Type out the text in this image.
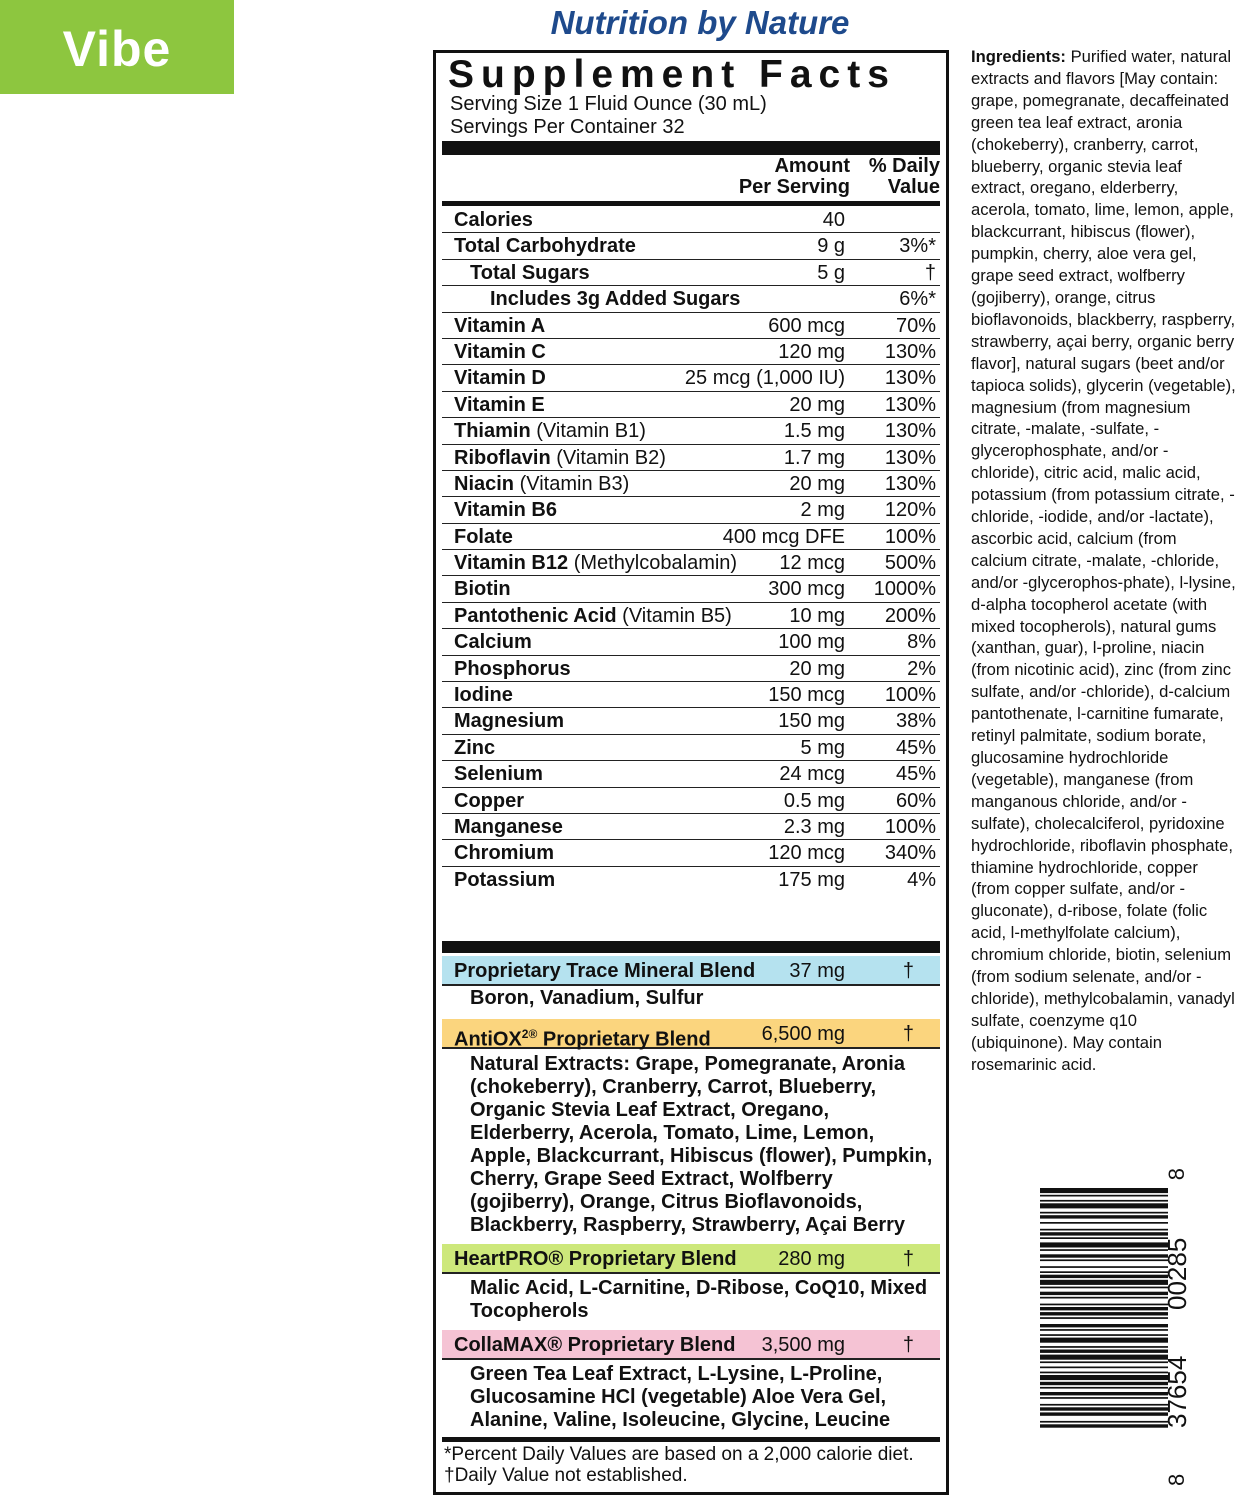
Vibe	Nutrition by Nature
Supplement Facts
Serving Size 1 Fluid Ounce (30 mL)
Servings Per Container 32
Amount
Per Serving
% Daily
Value
Calories	40
Total Carbohydrate	9 g	3%*
Total Sugars	5 g	†
Includes 3g Added Sugars	6%*
Vitamin A	600 mcg	70%
Vitamin C	120 mg 130%
Vitamin D	25 mcg (1,000 IU) 130%
Vitamin E	20 mg 130%
Thiamin (Vitamin B1)	1.5 mg 130%
Riboflavin (Vitamin B2)	1.7 mg 130%
Niacin (Vitamin B3)	20 mg 130%
Vitamin B6	2 mg 120%
Folate	400 mcg DFE 100%
Vitamin B12 (Methylcobalamin) 12 mcg 500%
Biotin	300 mcg 1000%
Pantothenic Acid (Vitamin B5)	10 mg 200%
Calcium	100 mg	8%
Phosphorus	20 mg	2%
Iodine	150 mcg 100%
Magnesium	150 mg	38%
Zinc	5 mg	45%
Selenium	24 mcg	45%
Copper	0.5 mg	60%
Manganese	2.3 mg 100%
Chromium	120 mcg 340%
Potassium	175 mg	4%
Proprietary Trace Mineral Blend 37 mg	†
Boron, Vanadium, Sulfur
AntiOX$^{2®}$ Proprietary Blend	6,500 mg	†
Natural Extracts: Grape, Pomegranate, Aronia (chokeberry), Cranberry, Carrot, Blueberry, Organic Stevia Leaf Extract, Oregano, Elderberry, Acerola, Tomato, Lime, Lemon, Apple, Blackcurrant, Hibiscus (flower), Pumpkin, Cherry, Grape Seed Extract, Wolfberry (gojiberry), Orange, Citrus Bioflavonoids, Blackberry, Raspberry, Strawberry, Açai Berry
HeartPRO® Proprietary Blend 280 mg	†
Malic Acid, L-Carnitine, D-Ribose, CoQ10, Mixed Tocopherols
CollaMAX® Proprietary Blend 3,500 mg	†
Green Tea Leaf Extract, L-Lysine, L-Proline, Glucosamine HCl (vegetable) Aloe Vera Gel, Alanine, Valine, Isoleucine, Glycine, Leucine
*Percent Daily Values are based on a 2,000 calorie diet.
†Daily Value not established.
Ingredients: Purified water, natural extracts and flavors [May contain: grape, pomegranate, decaffeinated green tea leaf extract, aronia (chokeberry), cranberry, carrot, blueberry, organic stevia leaf extract, oregano, elderberry, acerola, tomato, lime, lemon, apple, blackcurrant, hibiscus (flower), pumpkin, cherry, aloe vera gel, grape seed extract, wolfberry (gojiberry), orange, citrus bioflavonoids, blackberry, raspberry, strawberry, açai berry, organic berry flavor], natural sugars (beet and/or tapioca solids), glycerin (vegetable), magnesium (from magnesium citrate, -malate, -sulfate, -glycerophosphate, and/or -chloride), citric acid, malic acid, potassium (from potassium citrate, -chloride, -iodide, and/or -lactate), ascorbic acid, calcium (from calcium citrate, -malate, -chloride, and/or -glycerophos-phate), l-lysine, d-alpha tocopherol acetate (with mixed tocopherols), natural gums (xanthan, guar), l-proline, niacin (from nicotinic acid), zinc (from zinc sulfate, and/or -chloride), d-calcium pantothenate, l-carnitine fumarate, retinyl palmitate, sodium borate, glucosamine hydrochloride (vegetable), manganese (from manganous chloride, and/or -sulfate), cholecalciferol, pyridoxine hydrochloride, riboflavin phosphate, thiamine hydrochloride, copper (from copper sulfate, and/or -gluconate), d-ribose, folate (folic acid, l-methylfolate calcium), chromium chloride, biotin, selenium (from sodium selenate, and/or -chloride), methylcobalamin, vanadyl sulfate, coenzyme q10 (ubiquinone). May contain rosemarinic acid.
8
37654
00285
8
